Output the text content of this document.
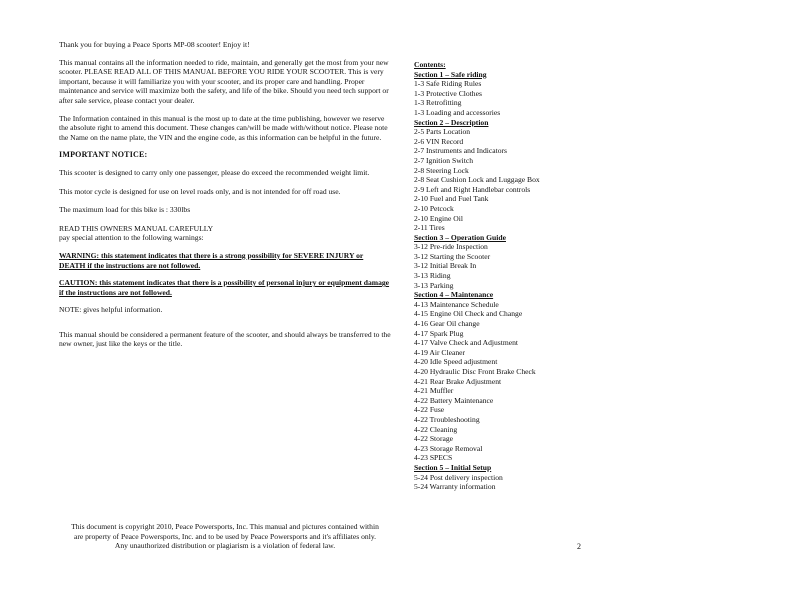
Thank you for buying a Peace Sports MP-08 scooter! Enjoy it!

This manual contains all the information needed to ride, maintain, and generally get the most from your new scooter. PLEASE READ ALL OF THIS MANUAL BEFORE YOU RIDE YOUR SCOOTER. This is very important, because it will familiarize you with your scooter, and its proper care and handling. Proper maintenance and service will maximize both the safety, and life of the bike. Should you need tech support or after sale service, please contact your dealer.

The Information contained in this manual is the most up to date at the time publishing, however we reserve the absolute right to amend this document. These changes can/will be made with/without notice. Please note the Name on the name plate, the VIN and the engine code, as this information can be helpful in the future.

IMPORTANT NOTICE:

This scooter is designed to carry only one passenger, please do exceed the recommended weight limit.

This motor cycle is designed for use on level roads only, and is not intended for off road use.

The maximum load for this bike is : 330lbs

READ THIS OWNERS MANUAL CAREFULLY

pay special attention to the following warnings:

WARNING: this statement indicates that there is a strong possibility for SEVERE INJURY or DEATH if the instructions are not followed.

CAUTION: this statement indicates that there is a possibility of personal injury or equipment damage if the instructions are not followed.

NOTE: gives helpful information.

This manual should be considered a permanent feature of the scooter, and should always be transferred to the new owner, just like the keys or the title.

Contents:
Section 1 – Safe riding
1-3 Safe Riding Rules
1-3 Protective Clothes
1-3 Retrofitting
1-3 Loading and accessories
Section 2 – Description
2-5 Parts Location
2-6 VIN Record
2-7 Instruments and Indicators
2-7 Ignition Switch
2-8 Steering Lock
2-8 Seat Cushion Lock and Luggage Box
2-9 Left and Right Handlebar controls
2-10 Fuel and Fuel Tank
2-10 Petcock
2-10 Engine Oil
2-11 Tires
Section 3 – Operation Guide
3-12 Pre-ride Inspection
3-12 Starting the Scooter
3-12 Initial Break In
3-13 Riding
3-13 Parking
Section 4 – Maintenance
4-13 Maintenance Schedule
4-15 Engine Oil Check and Change
4-16 Gear Oil change
4-17 Spark Plug
4-17 Valve Check and Adjustment
4-19 Air Cleaner
4-20 Idle Speed adjustment
4-20 Hydraulic Disc Front Brake Check
4-21 Rear Brake Adjustment
4-21 Muffler
4-22 Battery Maintenance
4-22 Fuse
4-22 Troubleshooting
4-22 Cleaning
4-22 Storage
4-23 Storage Removal
4-23 SPECS
Section 5 – Initial Setup
5-24 Post delivery inspection
5-24 Warranty information
This document is copyright 2010, Peace Powersports, Inc. This manual and pictures contained within
are property of Peace Powersports, Inc. and to be used by Peace Powersports and it's affiliates only.
Any unauthorized distribution or plagiarism is a violation of federal law.	2
